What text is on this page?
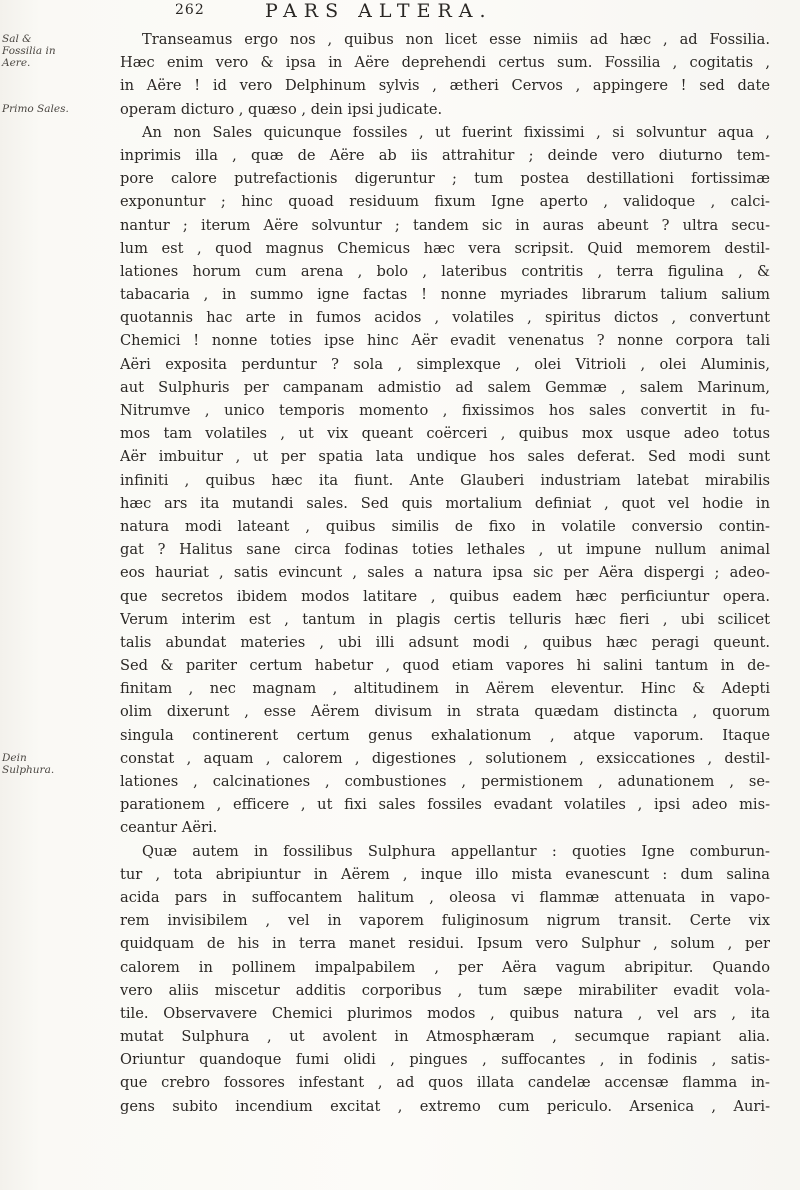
262	PARS ALTERA.
Sal & Fossilia in Aere.
Primo Sales.
Dein Sulphura.
Transeamus ergo nos , quibus non licet esse nimiis ad hæc , ad Fossilia.
Hæc enim vero & ipsa in Aëre deprehendi certus sum. Fossilia , cogitatis ,
in Aëre ! id vero Delphinum sylvis , ætheri Cervos , appingere ! sed date
operam dicturo , quæso , dein ipsi judicate.
An non Sales quicunque fossiles , ut fuerint fixissimi , si solvuntur aqua ,
inprimis illa , quæ de Aëre ab iis attrahitur ; deinde vero diuturno tem-
pore calore putrefactionis digeruntur ; tum postea destillationi fortissimæ
exponuntur ; hinc quoad residuum fixum Igne aperto , validoque , calci-
nantur ; iterum Aëre solvuntur ; tandem sic in auras abeunt ? ultra secu-
lum est , quod magnus Chemicus hæc vera scripsit. Quid memorem destil-
lationes horum cum arena , bolo , lateribus contritis , terra figulina , &
tabacaria , in summo igne factas ! nonne myriades librarum talium salium
quotannis hac arte in fumos acidos , volatiles , spiritus dictos , convertunt
Chemici ! nonne toties ipse hinc Aër evadit venenatus ? nonne corpora tali
Aëri exposita perduntur ? sola , simplexque , olei Vitrioli , olei Aluminis,
aut Sulphuris per campanam admistio ad salem Gemmæ , salem Marinum,
Nitrumve , unico temporis momento , fixissimos hos sales convertit in fu-
mos tam volatiles , ut vix queant coërceri , quibus mox usque adeo totus
Aër imbuitur , ut per spatia lata undique hos sales deferat. Sed modi sunt
infiniti , quibus hæc ita fiunt. Ante Glauberi industriam latebat mirabilis
hæc ars ita mutandi sales. Sed quis mortalium definiat , quot vel hodie in
natura modi lateant , quibus similis de fixo in volatile conversio contin-
gat ? Halitus sane circa fodinas toties lethales , ut impune nullum animal
eos hauriat , satis evincunt , sales a natura ipsa sic per Aëra dispergi ; adeo-
que secretos ibidem modos latitare , quibus eadem hæc perficiuntur opera.
Verum interim est , tantum in plagis certis telluris hæc fieri , ubi scilicet
talis abundat materies , ubi illi adsunt modi , quibus hæc peragi queunt.
Sed & pariter certum habetur , quod etiam vapores hi salini tantum in de-
finitam , nec magnam , altitudinem in Aërem eleventur. Hinc & Adepti
olim dixerunt , esse Aërem divisum in strata quædam distincta , quorum
singula continerent certum genus exhalationum , atque vaporum. Itaque
constat , aquam , calorem , digestiones , solutionem , exsiccationes , destil-
lationes , calcinationes , combustiones , permistionem , adunationem , se-
parationem , efficere , ut fixi sales fossiles evadant volatiles , ipsi adeo mis-
ceantur Aëri.
Quæ autem in fossilibus Sulphura appellantur : quoties Igne comburun-
tur , tota abripiuntur in Aërem , inque illo mista evanescunt : dum salina
acida pars in suffocantem halitum , oleosa vi flammæ attenuata in vapo-
rem invisibilem , vel in vaporem fuliginosum nigrum transit. Certe vix
quidquam de his in terra manet residui. Ipsum vero Sulphur , solum , per
calorem in pollinem impalpabilem , per Aëra vagum abripitur. Quando
vero aliis miscetur additis corporibus , tum sæpe mirabiliter evadit vola-
tile. Observavere Chemici plurimos modos , quibus natura , vel ars , ita
mutat Sulphura , ut avolent in Atmosphæram , secumque rapiant alia.
Oriuntur quandoque fumi olidi , pingues , suffocantes , in fodinis , satis-
que crebro fossores infestant , ad quos illata candelæ accensæ flamma in-
gens subito incendium excitat , extremo cum periculo. Arsenica , Auri-
